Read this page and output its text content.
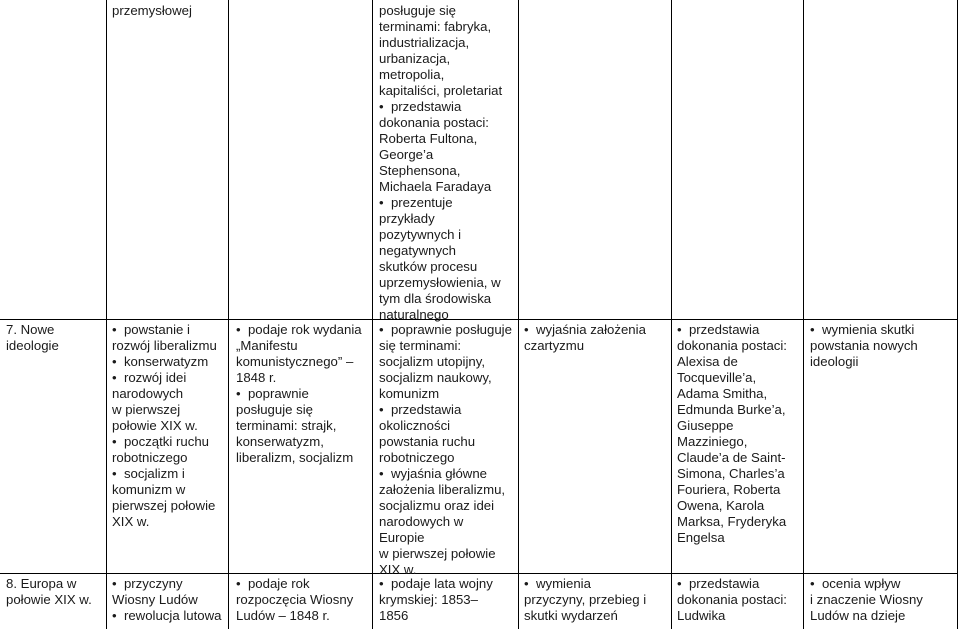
przemysłowej	posługuje się
terminami: fabryka,
industrializacja,
urbanizacja,
metropolia,
kapitaliści, proletariat
•  przedstawia
dokonania postaci:
Roberta Fultona,
George’a
Stephensona,
Michaela Faradaya
•  prezentuje
przykłady
pozytywnych i
negatywnych
skutków procesu
uprzemysłowienia, w
tym dla środowiska
naturalnego
7. Nowe
ideologie
•  powstanie i
rozwój liberalizmu
•  konserwatyzm
•  rozwój idei
narodowych
w pierwszej
połowie XIX w.
•  początki ruchu
robotniczego
•  socjalizm i
komunizm w
pierwszej połowie
XIX w.
•  podaje rok wydania
„Manifestu
komunistycznego” –
1848 r.
•  poprawnie
posługuje się
terminami: strajk,
konserwatyzm,
liberalizm, socjalizm
•  poprawnie posługuje
się terminami:
socjalizm utopijny,
socjalizm naukowy,
komunizm
•  przedstawia
okoliczności
powstania ruchu
robotniczego
•  wyjaśnia główne
założenia liberalizmu,
socjalizmu oraz idei
narodowych w
Europie
w pierwszej połowie
XIX w.
•  wyjaśnia założenia
czartyzmu
•  przedstawia
dokonania postaci:
Alexisa de
Tocqueville’a,
Adama Smitha,
Edmunda Burke’a,
Giuseppe
Mazziniego,
Claude’a de Saint-
Simona, Charles’a
Fouriera, Roberta
Owena, Karola
Marksa, Fryderyka
Engelsa
•  wymienia skutki
powstania nowych
ideologii
8. Europa w
połowie XIX w.
•  przyczyny
Wiosny Ludów
•  rewolucja lutowa
•  podaje rok
rozpoczęcia Wiosny
Ludów – 1848 r.
•  podaje lata wojny
krymskiej: 1853–
1856
•  wymienia
przyczyny, przebieg i
skutki wydarzeń
•  przedstawia
dokonania postaci:
Ludwika
•  ocenia wpływ
i znaczenie Wiosny
Ludów na dzieje
